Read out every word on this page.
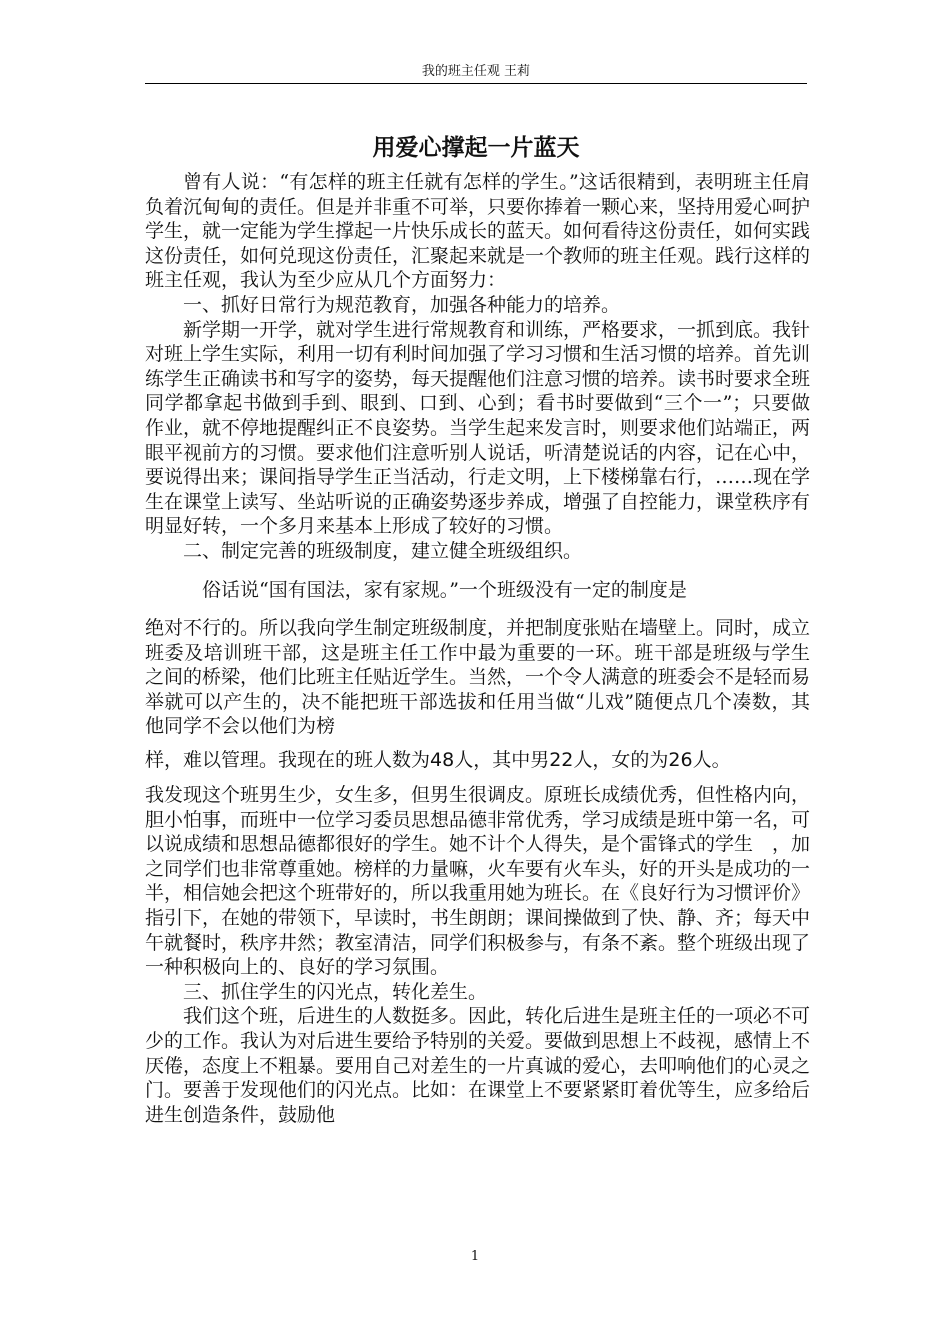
我的班主任观 王莉
用爱心撑起一片蓝天

曾有人说：“有怎样的班主任就有怎样的学生。”这话很精到，表明班主任肩负着沉甸甸的责任。但是并非重不可举，只要你捧着一颗心来，坚持用爱心呵护学生，就一定能为学生撑起一片快乐成长的蓝天。如何看待这份责任，如何实践这份责任，如何兑现这份责任，汇聚起来就是一个教师的班主任观。践行这样的班主任观，我认为至少应从几个方面努力：

一、抓好日常行为规范教育，加强各种能力的培养。

新学期一开学，就对学生进行常规教育和训练，严格要求，一抓到底。我针对班上学生实际，利用一切有利时间加强了学习习惯和生活习惯的培养。首先训练学生正确读书和写字的姿势，每天提醒他们注意习惯的培养。读书时要求全班同学都拿起书做到手到、眼到、口到、心到；看书时要做到“三个一”；只要做作业，就不停地提醒纠正不良姿势。当学生起来发言时，则要求他们站端正，两眼平视前方的习惯。要求他们注意听别人说话，听清楚说话的内容，记在心中，要说得出来；课间指导学生正当活动，行走文明，上下楼梯靠右行，……现在学生在课堂上读写、坐站听说的正确姿势逐步养成，增强了自控能力，课堂秩序有明显好转，一个多月来基本上形成了较好的习惯。

二、制定完善的班级制度，建立健全班级组织。

俗话说“国有国法，家有家规。”一个班级没有一定的制度是

绝对不行的。所以我向学生制定班级制度，并把制度张贴在墙壁上。同时，成立班委及培训班干部，这是班主任工作中最为重要的一环。班干部是班级与学生　之间的桥梁，他们比班主任贴近学生。当然，一个令人满意的班委会不是轻而易举就可以产生的，决不能把班干部选拔和任用当做“儿戏”随便点几个凑数，其他同学不会以他们为榜

样，难以管理。我现在的班人数为48人，其中男22人，女的为26人。

我发现这个班男生少，女生多，但男生很调皮。原班长成绩优秀，但性格内向，胆小怕事，而班中一位学习委员思想品德非常优秀，学习成绩是班中第一名，可以说成绩和思想品德都很好的学生。她不计个人得失，是个雷锋式的学生　，加之同学们也非常尊重她。榜样的力量嘛，火车要有火车头，好的开头是成功的一半，相信她会把这个班带好的，所以我重用她为班长。在《良好行为习惯评价》指引下，在她的带领下，早读时，书生朗朗；课间操做到了快、静、齐；每天中午就餐时，秩序井然；教室清洁，同学们积极参与，有条不紊。整个班级出现了一种积极向上的、良好的学习氛围。

三、抓住学生的闪光点，转化差生。

我们这个班，后进生的人数挺多。因此，转化后进生是班主任的一项必不可少的工作。我认为对后进生要给予特别的关爱。要做到思想上不歧视，感情上不厌倦，态度上不粗暴。要用自己对差生的一片真诚的爱心，去叩响他们的心灵之门。要善于发现他们的闪光点。比如：在课堂上不要紧紧盯着优等生，应多给后进生创造条件，鼓励他

1
